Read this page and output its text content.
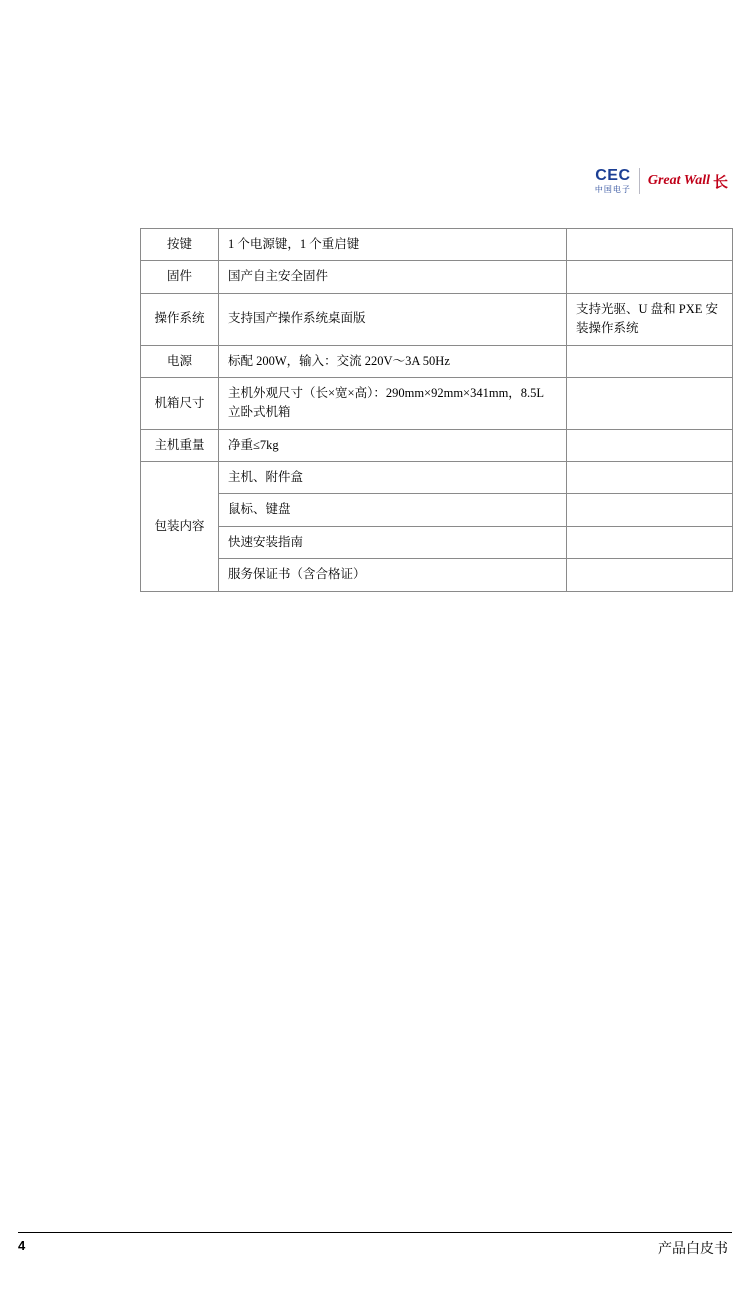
CEC
中国电子
Great Wall 长
按键	1 个电源键，1 个重启键	
固件	国产自主安全固件	
操作系统	支持国产操作系统桌面版	支持光驱、U 盘和 PXE 安装操作系统
电源	标配 200W，输入：交流 220V～3A 50Hz	
机箱尺寸	主机外观尺寸（长×宽×高）：290mm×92mm×341mm，8.5L 立卧式机箱	
主机重量	净重≤7kg	
包装内容	主机、附件盒	
	鼠标、键盘	
	快速安装指南	
	服务保证书（含合格证）	
4	产品白皮书
